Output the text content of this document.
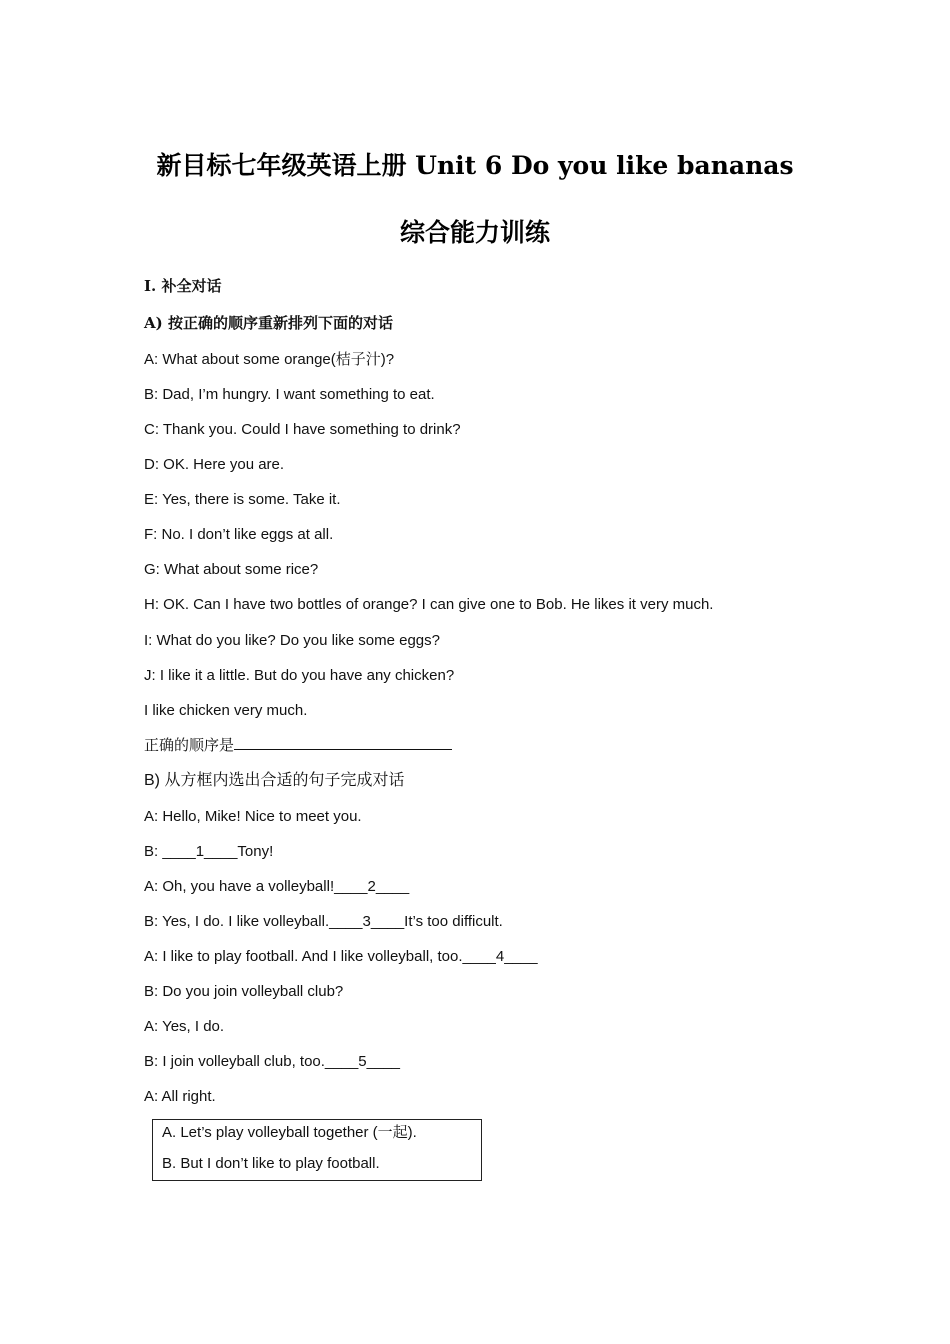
新目标七年级英语上册 Unit 6 Do you like bananas
综合能力训练
I. 补全对话
A) 按正确的顺序重新排列下面的对话
A: What about some orange(桔子汁)?
B: Dad, I’m hungry. I want something to eat.
C: Thank you. Could I have something to drink?
D: OK. Here you are.
E: Yes, there is some. Take it.
F: No. I don’t like eggs at all.
G: What about some rice?
H: OK. Can I have two bottles of orange? I can give one to Bob. He likes it very much.
I: What do you like? Do you like some eggs?
J: I like it a little. But do you have any chicken?
I like chicken very much.
正确的顺序是
B) 从方框内选出合适的句子完成对话
A: Hello, Mike! Nice to meet you.
B: ____1____Tony!
A: Oh, you have a volleyball!____2____
B: Yes, I do. I like volleyball.____3____It’s too difficult.
A: I like to play football. And I like volleyball, too.____4____
B: Do you join volleyball club?
A: Yes, I do.
B: I join volleyball club, too.____5____
A: All right.
A. Let’s play volleyball together (一起).
B. But I don’t like to play football.
